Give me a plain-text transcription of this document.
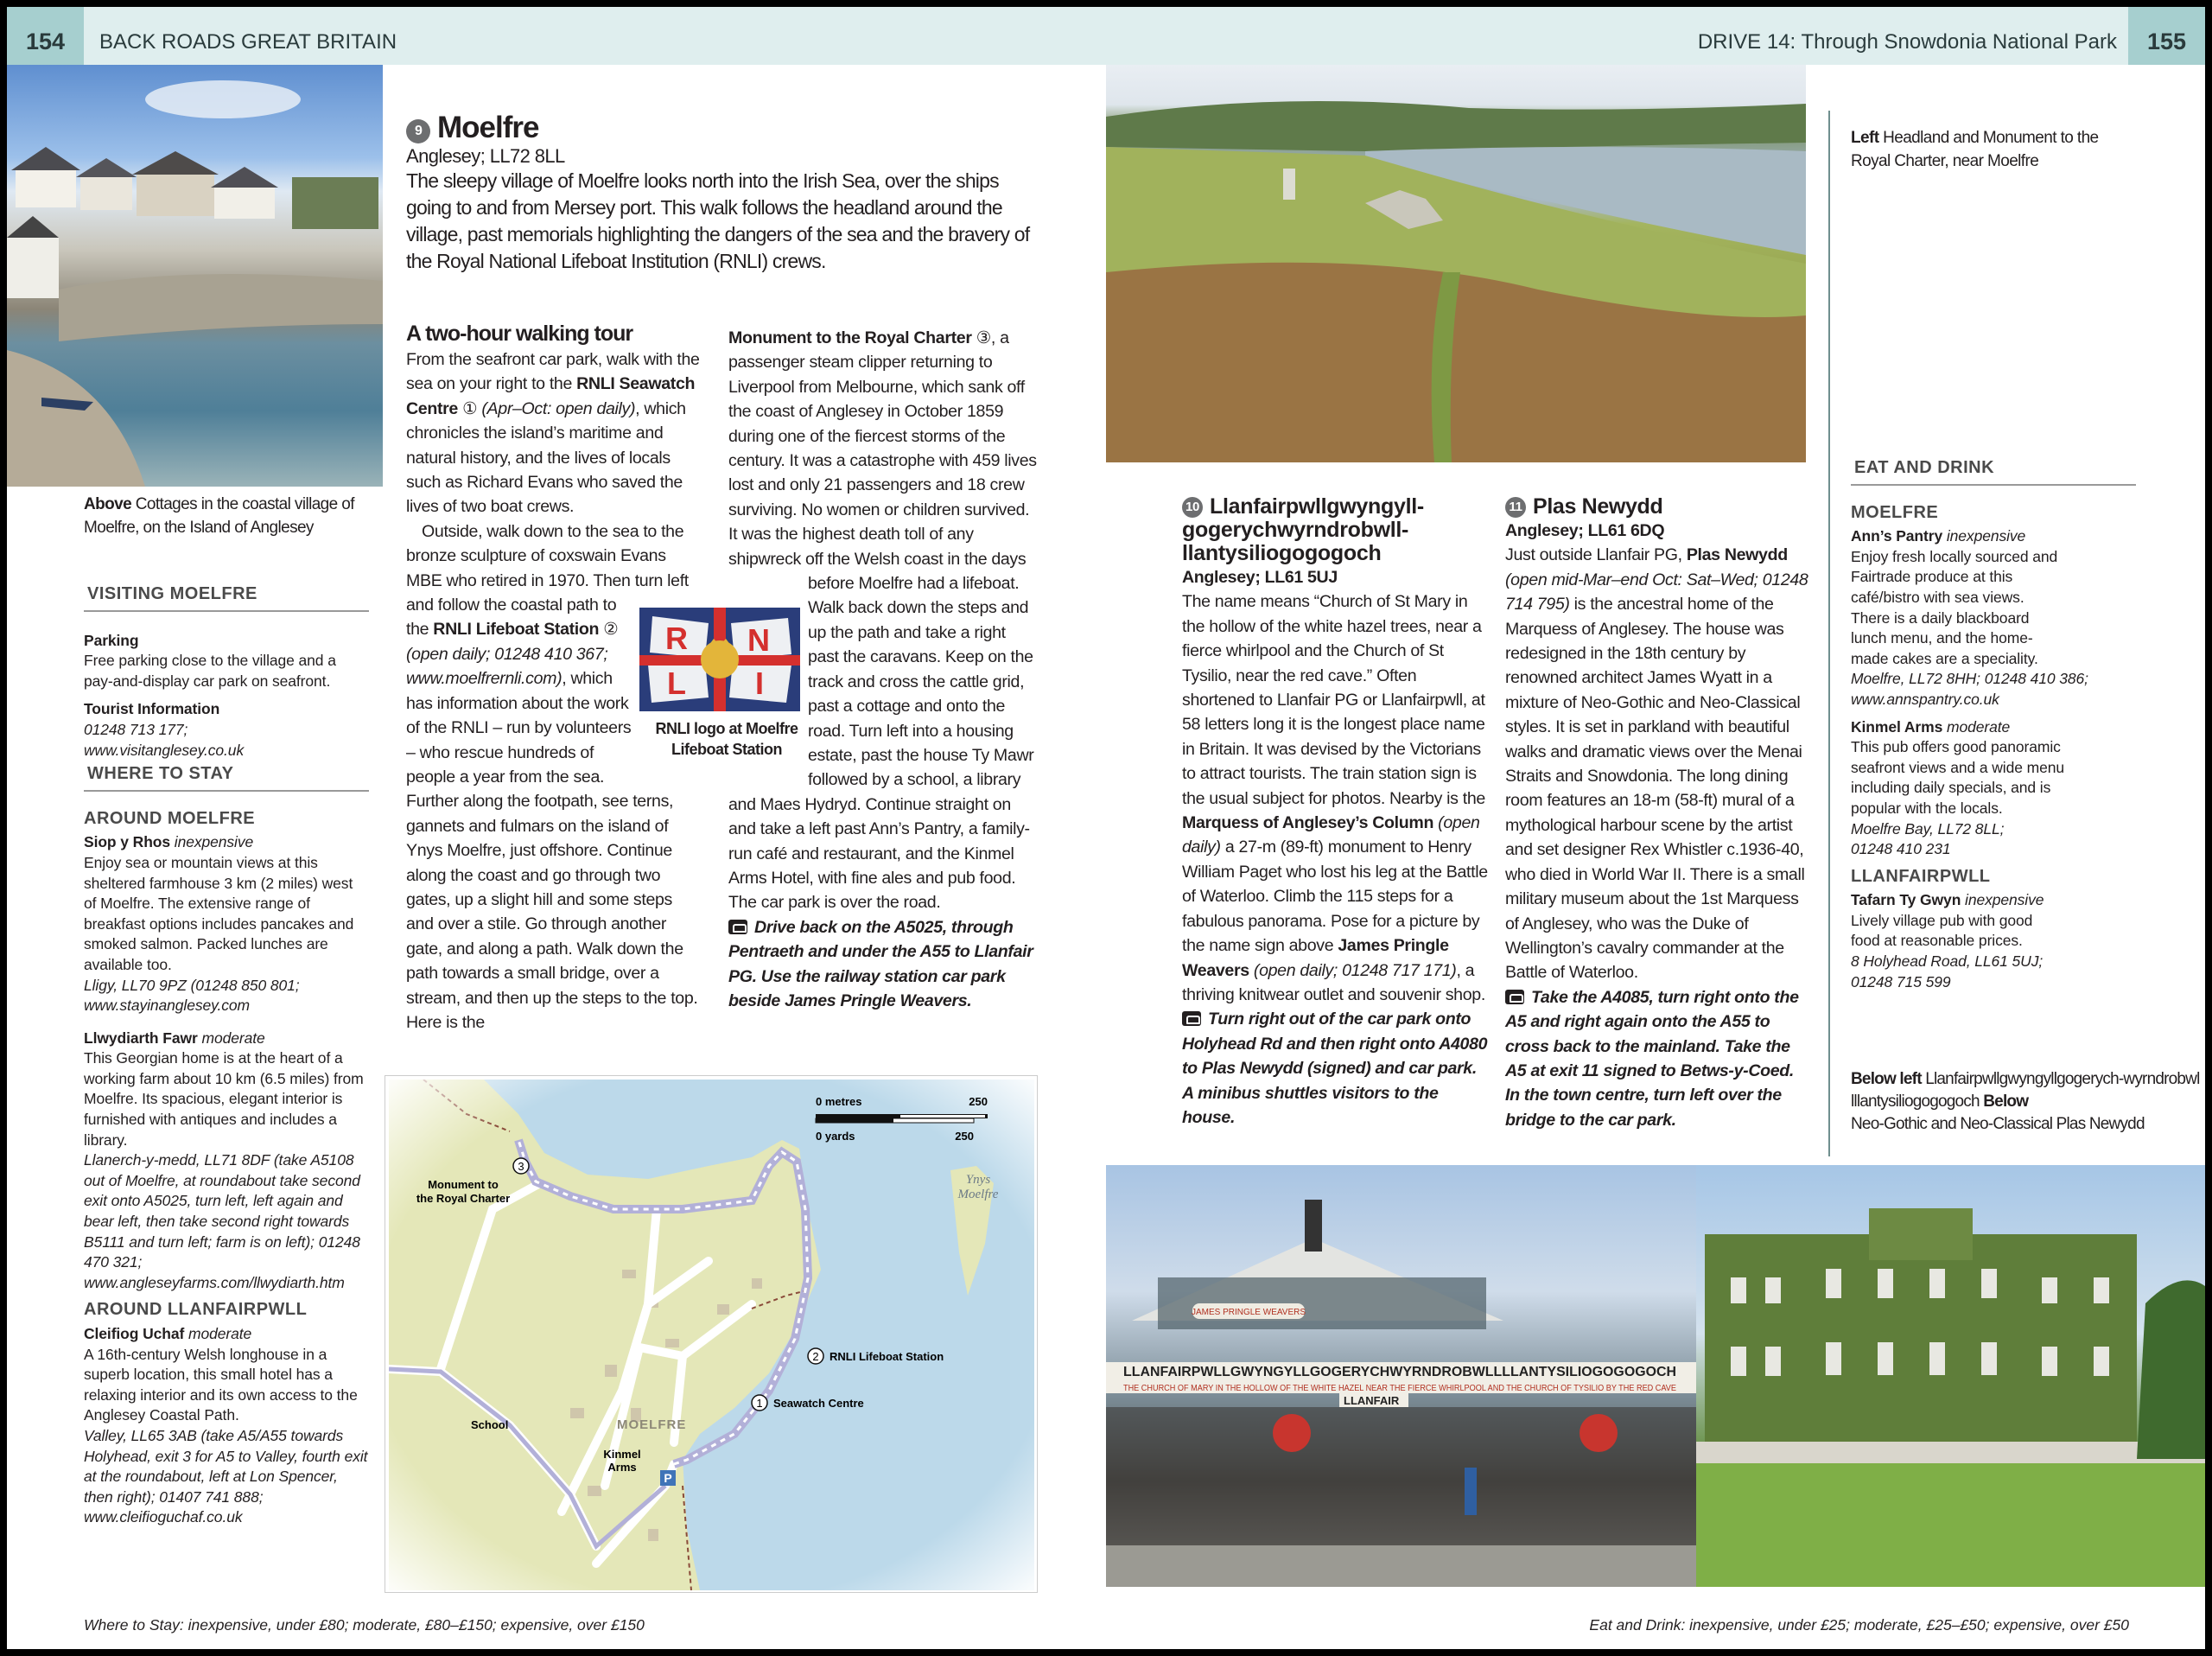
154	BACK ROADS GREAT BRITAIN	DRIVE 14: Through Snowdonia National Park	155
Above Cottages in the coastal village of Moelfre, on the Island of Anglesey
VISITING MOELFRE

Parking

Free parking close to the village and a pay-and-display car park on seafront.

Tourist Information

01248 713 177; www.visitanglesey.co.uk

WHERE TO STAY

AROUND MOELFRE

Siop y Rhos inexpensive

Enjoy sea or mountain views at this sheltered farmhouse 3 km (2 miles) west of Moelfre. The extensive range of breakfast options includes pancakes and smoked salmon. Packed lunches are available too.

Lligy, LL70 9PZ (01248 850 801; www.stayinanglesey.com

Llwydiarth Fawr moderate

This Georgian home is at the heart of a working farm about 10 km (6.5 miles) from Moelfre. Its spacious, elegant interior is furnished with antiques and includes a library.

Llanerch-y-medd, LL71 8DF (take A5108 out of Moelfre, at roundabout take second exit onto A5025, turn left, left again and bear left, then take second right towards B5111 and turn left; farm is on left); 01248 470 321; www.angleseyfarms.com/llwydiarth.htm

AROUND LLANFAIRPWLL

Cleifiog Uchaf moderate

A 16th-century Welsh longhouse in a superb location, this small hotel has a relaxing interior and its own access to the Anglesey Coastal Path.

Valley, LL65 3AB (take A5/A55 towards Holyhead, exit 3 for A5 to Valley, fourth exit at the roundabout, left at Lon Spencer, then right); 01407 741 888; www.cleifioguchaf.co.uk

Where to Stay: inexpensive, under £80; moderate, £80–£150; expensive, over £150
9 Moelfre

Anglesey; LL72 8LL

The sleepy village of Moelfre looks north into the Irish Sea, over the ships going to and from Mersey port. This walk follows the headland around the village, past memorials highlighting the dangers of the sea and the bravery of the Royal National Lifeboat Institution (RNLI) crews.

A two-hour walking tour

From the seafront car park, walk with the sea on your right to the RNLI Seawatch Centre ① (Apr–Oct: open daily), which chronicles the island’s maritime and natural history, and the lives of locals such as Richard Evans who saved the lives of two boat crews.

Outside, walk down to the sea to the bronze sculpture of coxswain Evans MBE who retired in 1970. Then turn left and follow the coastal path to the RNLI Lifeboat Station ② (open daily; 01248 410 367; www.moelfrernli.com), which has information about the work of the RNLI – run by volunteers – who rescue hundreds of people a year from the sea. Further along the footpath, see terns, gannets and fulmars on the island of Ynys Moelfre, just offshore. Continue along the coast and go through two gates, up a slight hill and some steps and over a stile. Go through another gate, and along a path. Walk down the path towards a small bridge, over a stream, and then up the steps to the top. Here is the

Monument to the Royal Charter ③, a passenger steam clipper returning to Liverpool from Melbourne, which sank off the coast of Anglesey in October 1859 during one of the fiercest storms of the century. It was a catastrophe with 459 lives lost and only 21 passengers and 18 crew surviving. No women or children survived. It was the highest death toll of any shipwreck off the Welsh coast in the days before Moelfre had a lifeboat. Walk back down the steps and up the path and take a right past the caravans. Keep on the track and cross the cattle grid, past a cottage and onto the road. Turn left into a housing estate, past the house Ty Mawr followed by a school, a library and Maes Hydryd. Continue straight on and take a left past Ann’s Pantry, a family-run café and restaurant, and the Kinmel Arms Hotel, with fine ales and pub food. The car park is over the road.

Drive back on the A5025, through Pentraeth and under the A55 to Llanfair PG. Use the railway station car park beside James Pringle Weavers.

R N
L I
RNLI logo at Moelfre Lifeboat Station
0 metres	250
0 yards	250
Ynys
Moelfre
3
Monument to
the Royal Charter
2 RNLI Lifeboat Station
1 Seawatch Centre
School	MOELFRE
Kinmel
Arms
P
Left Headland and Monument to the Royal Charter, near Moelfre
10 Llanfairpwllgwyngyll-
gogerychwyrndrobwll-
llantysiliogogogoch

Anglesey; LL61 5UJ

The name means “Church of St Mary in the hollow of the white hazel trees, near a fierce whirlpool and the Church of St Tysilio, near the red cave.” Often shortened to Llanfair PG or Llanfairpwll, at 58 letters long it is the longest place name in Britain. It was devised by the Victorians to attract tourists. The train station sign is the usual subject for photos. Nearby is the Marquess of Anglesey’s Column (open daily) a 27-m (89-ft) monument to Henry William Paget who lost his leg at the Battle of Waterloo. Climb the 115 steps for a fabulous panorama. Pose for a picture by the name sign above James Pringle Weavers (open daily; 01248 717 171), a thriving knitwear outlet and souvenir shop.

Turn right out of the car park onto Holyhead Rd and then right onto A4080 to Plas Newydd (signed) and car park. A minibus shuttles visitors to the house.

11 Plas Newydd

Anglesey; LL61 6DQ

Just outside Llanfair PG, Plas Newydd (open mid-Mar–end Oct: Sat–Wed; 01248 714 795) is the ancestral home of the Marquess of Anglesey. The house was redesigned in the 18th century by renowned architect James Wyatt in a mixture of Neo-Gothic and Neo-Classical styles. It is set in parkland with beautiful walks and dramatic views over the Menai Straits and Snowdonia. The long dining room features an 18-m (58-ft) mural of a mythological harbour scene by the artist and set designer Rex Whistler c.1936-40, who died in World War II. There is a small military museum about the 1st Marquess of Anglesey, who was the Duke of Wellington’s cavalry commander at the Battle of Waterloo.

Take the A4085, turn right onto the A5 and right again onto the A55 to cross back to the mainland. Take the A5 at exit 11 signed to Betws-y-Coed. In the town centre, turn left over the bridge to the car park.

EAT AND DRINK

MOELFRE

Ann’s Pantry inexpensive

Enjoy fresh locally sourced and Fairtrade produce at this café/bistro with sea views. There is a daily blackboard lunch menu, and the home-made cakes are a speciality.

Moelfre, LL72 8HH; 01248 410 386; www.annspantry.co.uk

Kinmel Arms moderate

This pub offers good panoramic seafront views and a wide menu including daily specials, and is popular with the locals.

Moelfre Bay, LL72 8LL; 01248 410 231

LLANFAIRPWLL

Tafarn Ty Gwyn inexpensive

Lively village pub with good food at reasonable prices.

8 Holyhead Road, LL61 5UJ; 01248 715 599

Below left Llanfairpwllgwyngyllgogerych-wyrndrobwllllantysiliogogogoch Below
Neo-Gothic and Neo-Classical Plas Newydd
LLANFAIRPWLLGWYNGYLLGOGERYCHWYRNDROBWLLLLANTYSILIOGOGOGOCH
THE CHURCH OF MARY IN THE HOLLOW OF THE WHITE HAZEL NEAR THE FIERCE WHIRLPOOL AND THE CHURCH OF TYSILIO BY THE RED CAVE
LLANFAIR
JAMES PRINGLE WEAVERS
Eat and Drink: inexpensive, under £25; moderate, £25–£50; expensive, over £50
